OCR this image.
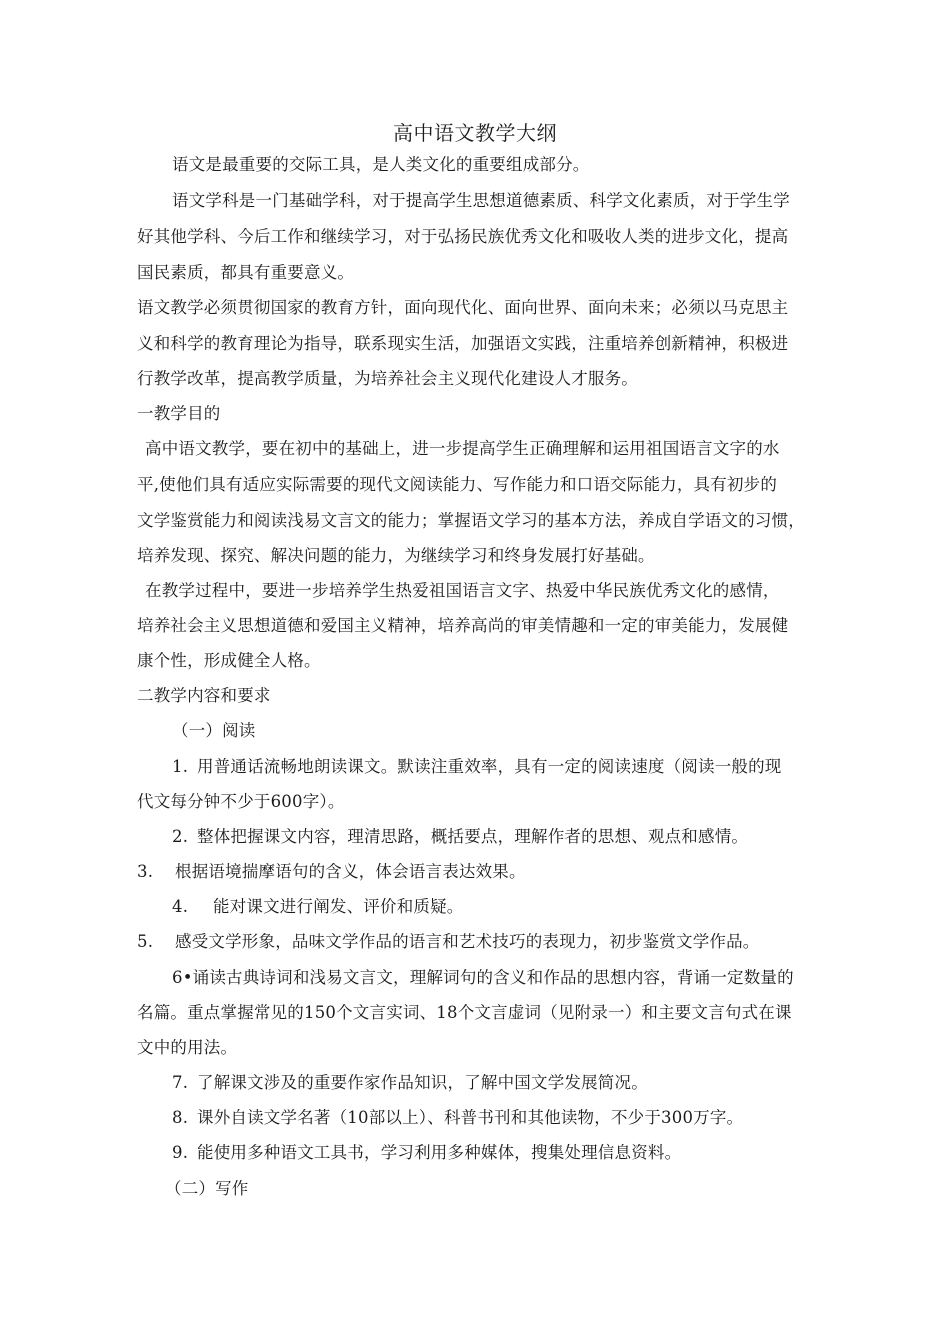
高中语文教学大纲
语文是最重要的交际工具，是人类文化的重要组成部分。
语文学科是一门基础学科，对于提高学生思想道德素质、科学文化素质，对于学生学
好其他学科、今后工作和继续学习，对于弘扬民族优秀文化和吸收人类的进步文化，提高
国民素质，都具有重要意义。
语文教学必须贯彻国家的教育方针，面向现代化、面向世界、面向未来；必须以马克思主
义和科学的教育理论为指导，联系现实生活，加强语文实践，注重培养创新精神，积极进
行教学改革，提高教学质量，为培养社会主义现代化建设人才服务。
一教学目的
高中语文教学，要在初中的基础上，进一步提高学生正确理解和运用祖国语言文字的水
平,使他们具有适应实际需要的现代文阅读能力、写作能力和口语交际能力，具有初步的
文学鉴赏能力和阅读浅易文言文的能力；掌握语文学习的基本方法，养成自学语文的习惯，
培养发现、探究、解决问题的能力，为继续学习和终身发展打好基础。
在教学过程中，要进一步培养学生热爱祖国语言文字、热爱中华民族优秀文化的感情，
培养社会主义思想道德和爱国主义精神，培养高尚的审美情趣和一定的审美能力，发展健
康个性，形成健全人格。
二教学内容和要求
（一）阅读
1. 用普通话流畅地朗读课文。默读注重效率，具有一定的阅读速度（阅读一般的现
代文每分钟不少于600字）。
2. 整体把握课文内容，理清思路，概括要点，理解作者的思想、观点和感情。
3. 根据语境揣摩语句的含义，体会语言表达效果。
4. 能对课文进行阐发、评价和质疑。
5. 感受文学形象，品味文学作品的语言和艺术技巧的表现力，初步鉴赏文学作品。
6•诵读古典诗词和浅易文言文，理解词句的含义和作品的思想内容，背诵一定数量的
名篇。重点掌握常见的150个文言实词、18个文言虚词（见附录一）和主要文言句式在课
文中的用法。
7. 了解课文涉及的重要作家作品知识，了解中国文学发展简况。
8. 课外自读文学名著（10部以上）、科普书刊和其他读物，不少于300万字。
9. 能使用多种语文工具书，学习利用多种媒体，搜集处理信息资料。
（二）写作
